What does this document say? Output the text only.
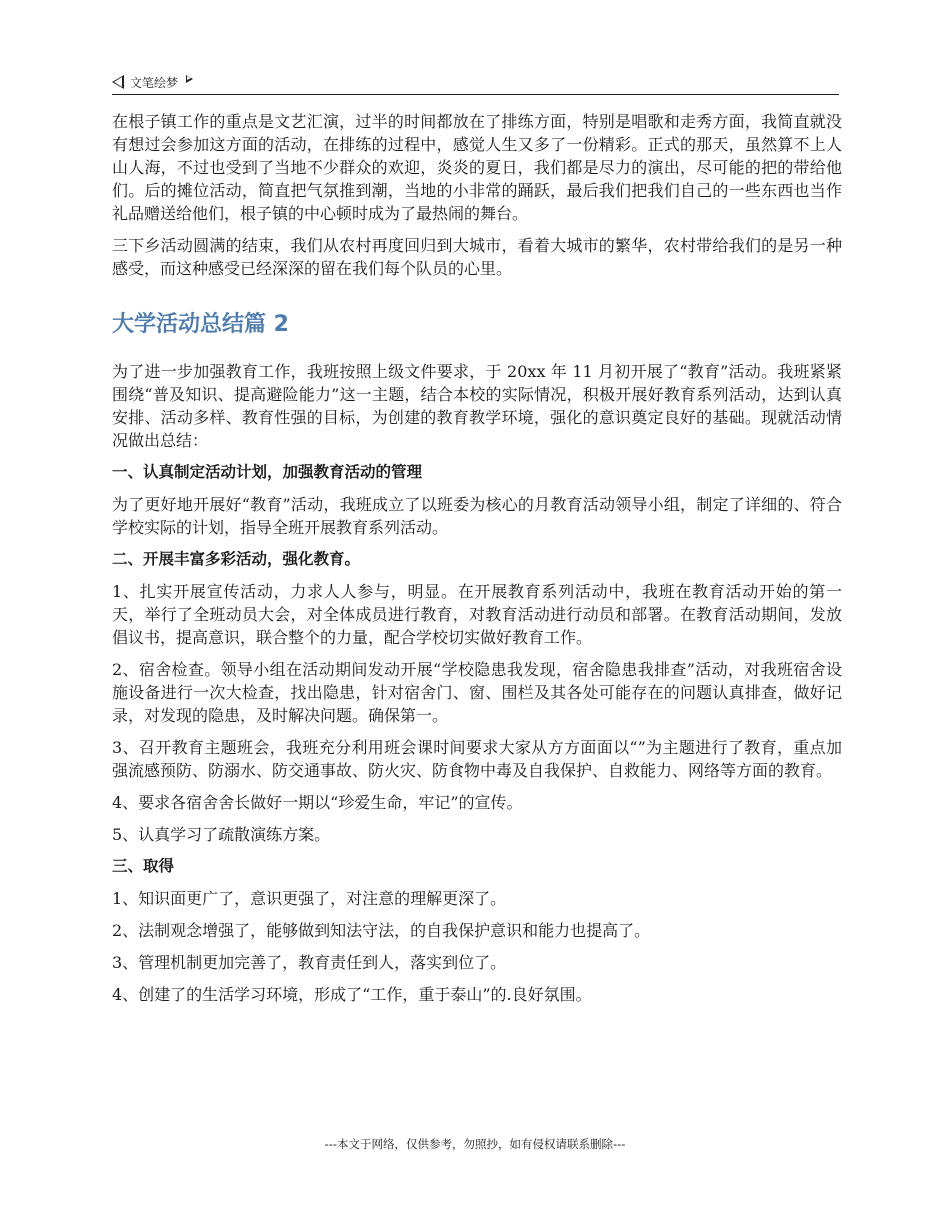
文笔绘梦

在根子镇工作的重点是文艺汇演，过半的时间都放在了排练方面，特别是唱歌和走秀方面，我简直就没有想过会参加这方面的活动，在排练的过程中，感觉人生又多了一份精彩。正式的那天，虽然算不上人山人海，不过也受到了当地不少群众的欢迎，炎炎的夏日，我们都是尽力的演出，尽可能的把的带给他们。后的摊位活动，简直把气氛推到潮，当地的小非常的踊跃，最后我们把我们自己的一些东西也当作礼品赠送给他们，根子镇的中心顿时成为了最热闹的舞台。

三下乡活动圆满的结束，我们从农村再度回归到大城市，看着大城市的繁华，农村带给我们的是另一种感受，而这种感受已经深深的留在我们每个队员的心里。

大学活动总结篇 2

为了进一步加强教育工作，我班按照上级文件要求，于 20xx 年 11 月初开展了“教育”活动。我班紧紧围绕“普及知识、提高避险能力”这一主题，结合本校的实际情况，积极开展好教育系列活动，达到认真安排、活动多样、教育性强的目标，为创建的教育教学环境，强化的意识奠定良好的基础。现就活动情况做出总结：

一、认真制定活动计划，加强教育活动的管理

为了更好地开展好“教育”活动，我班成立了以班委为核心的月教育活动领导小组，制定了详细的、符合学校实际的计划，指导全班开展教育系列活动。

二、开展丰富多彩活动，强化教育。

1、扎实开展宣传活动，力求人人参与，明显。在开展教育系列活动中，我班在教育活动开始的第一天，举行了全班动员大会，对全体成员进行教育，对教育活动进行动员和部署。在教育活动期间，发放倡议书，提高意识，联合整个的力量，配合学校切实做好教育工作。

2、宿舍检查。领导小组在活动期间发动开展“学校隐患我发现，宿舍隐患我排查”活动，对我班宿舍设施设备进行一次大检查，找出隐患，针对宿舍门、窗、围栏及其各处可能存在的问题认真排查，做好记录，对发现的隐患，及时解决问题。确保第一。

3、召开教育主题班会，我班充分利用班会课时间要求大家从方方面面以“”为主题进行了教育，重点加强流感预防、防溺水、防交通事故、防火灾、防食物中毒及自我保护、自救能力、网络等方面的教育。

4、要求各宿舍舍长做好一期以“珍爱生命，牢记”的宣传。

5、认真学习了疏散演练方案。

三、取得

1、知识面更广了，意识更强了，对注意的理解更深了。

2、法制观念增强了，能够做到知法守法，的自我保护意识和能力也提高了。

3、管理机制更加完善了，教育责任到人，落实到位了。

4、创建了的生活学习环境，形成了“工作，重于泰山”的.良好氛围。

---本文于网络，仅供参考，勿照抄，如有侵权请联系删除---
